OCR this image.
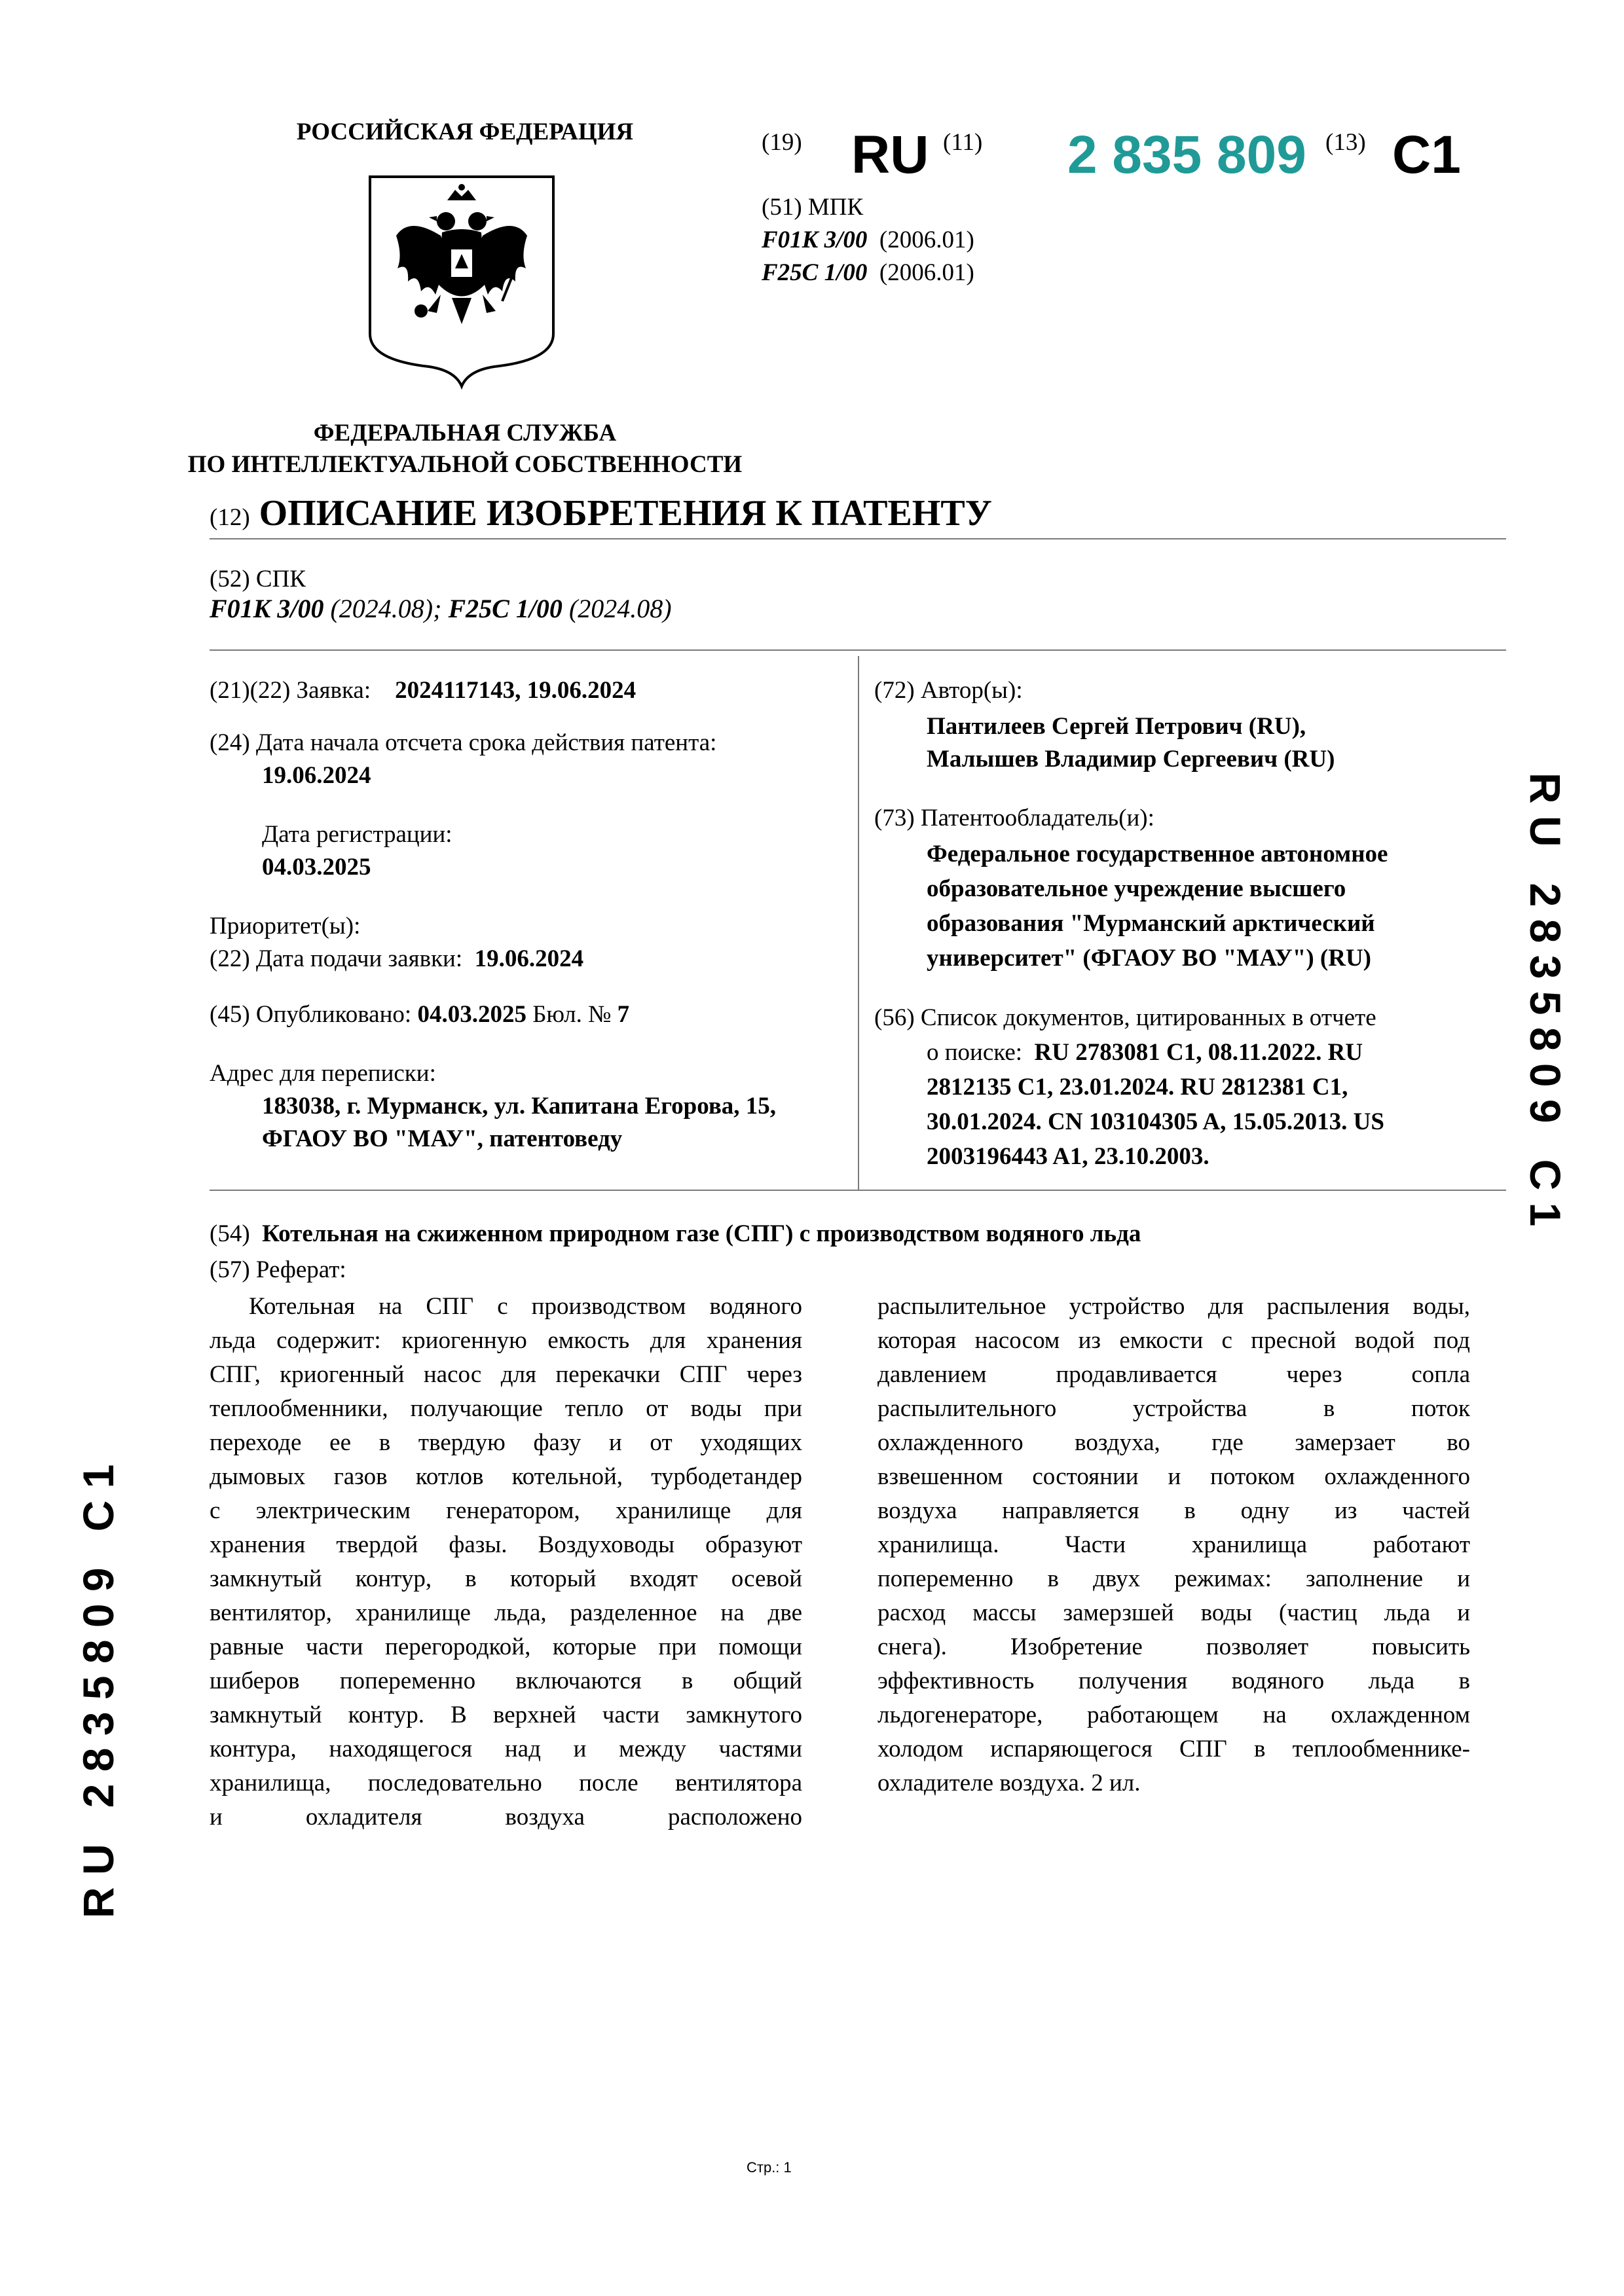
РОССИЙСКАЯ ФЕДЕРАЦИЯ
ФЕДЕРАЛЬНАЯ СЛУЖБА
ПО ИНТЕЛЛЕКТУАЛЬНОЙ СОБСТВЕННОСТИ
(19) RU (11) 2 835 809 (13) C1
(51) МПК
F01K 3/00 (2006.01)
F25C 1/00 (2006.01)
(12) ОПИСАНИЕ ИЗОБРЕТЕНИЯ К ПАТЕНТУ
(52) СПК
F01K 3/00 (2024.08); F25C 1/00 (2024.08)
(21)(22) Заявка: 2024117143, 19.06.2024
(24) Дата начала отсчета срока действия патента:
19.06.2024
Дата регистрации:
04.03.2025
Приоритет(ы):
(22) Дата подачи заявки: 19.06.2024
(45) Опубликовано: 04.03.2025 Бюл. № 7
Адрес для переписки:
183038, г. Мурманск, ул. Капитана Егорова, 15,
ФГАОУ ВО "МАУ", патентоведу
(72) Автор(ы):
Пантилеев Сергей Петрович (RU),
Малышев Владимир Сергеевич (RU)
(73) Патентообладатель(и):
Федеральное государственное автономное
образовательное учреждение высшего
образования "Мурманский арктический
университет" (ФГАОУ ВО "МАУ") (RU)
(56) Список документов, цитированных в отчете
о поиске: RU 2783081 C1, 08.11.2022. RU
2812135 C1, 23.01.2024. RU 2812381 C1,
30.01.2024. CN 103104305 A, 15.05.2013. US
2003196443 A1, 23.10.2003.
(54) Котельная на сжиженном природном газе (СПГ) с производством водяного льда
(57) Реферат:

Котельная на СПГ с производством водяного

льда содержит: криогенную емкость для хранения

СПГ, криогенный насос для перекачки СПГ через

теплообменники, получающие тепло от воды при

переходе ее в твердую фазу и от уходящих

дымовых газов котлов котельной, турбодетандер

с электрическим генератором, хранилище для

хранения твердой фазы. Воздуховоды образуют

замкнутый контур, в который входят осевой

вентилятор, хранилище льда, разделенное на две

равные части перегородкой, которые при помощи

шиберов попеременно включаются в общий

замкнутый контур. В верхней части замкнутого

контура, находящегося над и между частями

хранилища, последовательно после вентилятора

и охладителя воздуха расположено

распылительное устройство для распыления воды,

которая насосом из емкости с пресной водой под

давлением продавливается через сопла

распылительного устройства в поток

охлажденного воздуха, где замерзает во

взвешенном состоянии и потоком охлажденного

воздуха направляется в одну из частей

хранилища. Части хранилища работают

попеременно в двух режимах: заполнение и

расход массы замерзшей воды (частиц льда и

снега). Изобретение позволяет повысить

эффективность получения водяного льда в

льдогенераторе, работающем на охлажденном

холодом испаряющегося СПГ в теплообменнике-

охладителе воздуха. 2 ил.

R U   2 8 3 5 8 0 9   C 1
R U   2 8 3 5 8 0 9   C 1
Стр.: 1
